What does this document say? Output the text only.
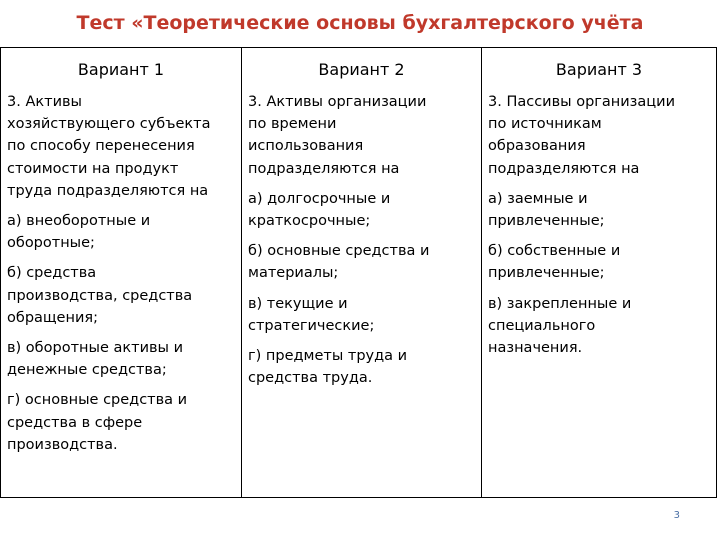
Тест «Теоретические основы бухгалтерского учёта
Вариант 1	Вариант 2	Вариант 3

3. Активы

хозяйствующего субъекта

по способу перенесения

стоимости на продукт

труда подразделяются на

а) внеоборотные и

оборотные;

б) средства

производства, средства

обращения;

в) оборотные активы и

денежные средства;

г) основные средства и

средства в сфере

производства.

3. Активы организации

по времени

использования

подразделяются на

а) долгосрочные и

краткосрочные;

б) основные средства и

материалы;

в) текущие и

стратегические;

г) предметы труда и

средства труда.

3. Пассивы организации

по источникам

образования

подразделяются на

а) заемные и

привлеченные;

б) собственные и

привлеченные;

в) закрепленные и

специального

назначения.

3
